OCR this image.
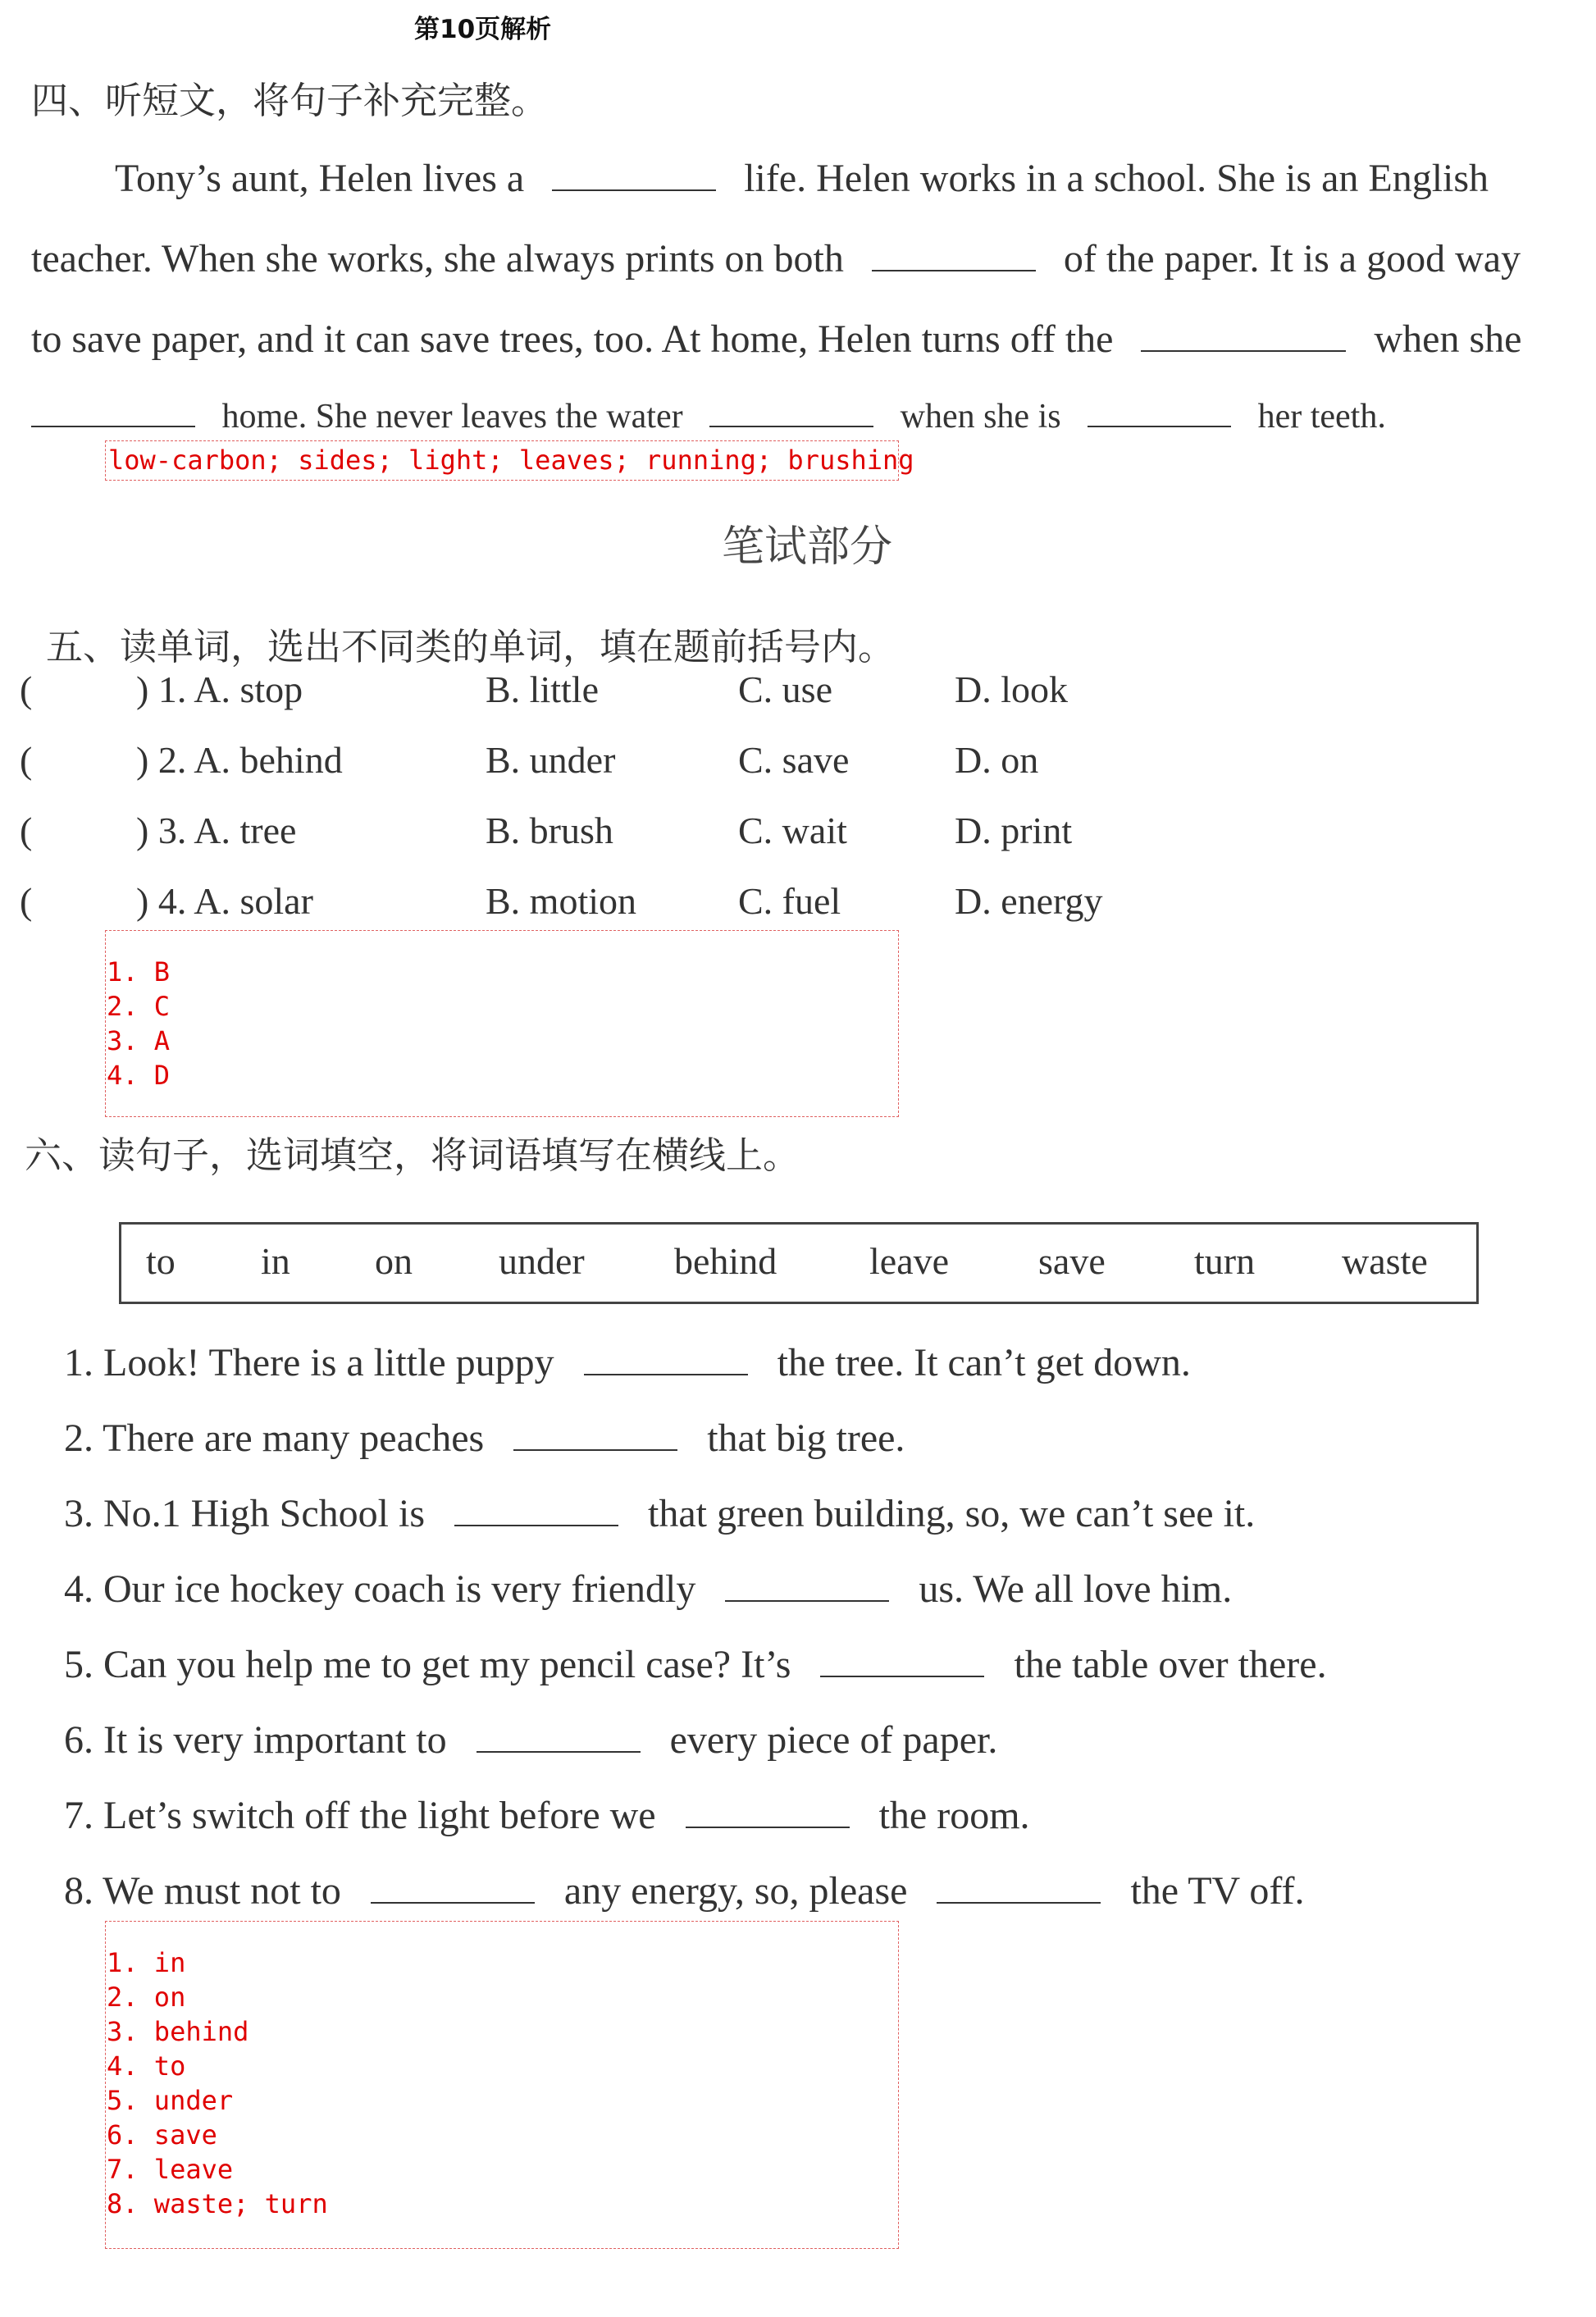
第10页解析
四、听短文，将句子补充完整。
Tony’s aunt, Helen lives a	life. Helen works in a school. She is an English
teacher. When she works, she always prints on both	of the paper. It is a good way
to save paper, and it can save trees, too. At home, Helen turns off the	when she
home. She never leaves the water	when she is	her teeth.
low-carbon; sides; light; leaves; running; brushing
笔试部分
五、读单词，选出不同类的单词，填在题前括号内。
(	) 1. A. stop	B. little	C. use	D. look
(	) 2. A. behind	B. under	C. save	D. on
(	) 3. A. tree	B. brush	C. wait	D. print
(	) 4. A. solar	B. motion	C. fuel	D. energy
1. B
2. C
3. A
4. D
六、读句子，选词填空，将词语填写在横线上。
to in on under behind leave save turn waste
1. Look! There is a little puppy	the tree. It can’t get down.
2. There are many peaches	that big tree.
3. No.1 High School is	that green building, so, we can’t see it.
4. Our ice hockey coach is very friendly	us. We all love him.
5. Can you help me to get my pencil case? It’s	the table over there.
6. It is very important to	every piece of paper.
7. Let’s switch off the light before we	the room.
8. We must not to	any energy, so, please	the TV off.
1. in
2. on
3. behind
4. to
5. under
6. save
7. leave
8. waste; turn
